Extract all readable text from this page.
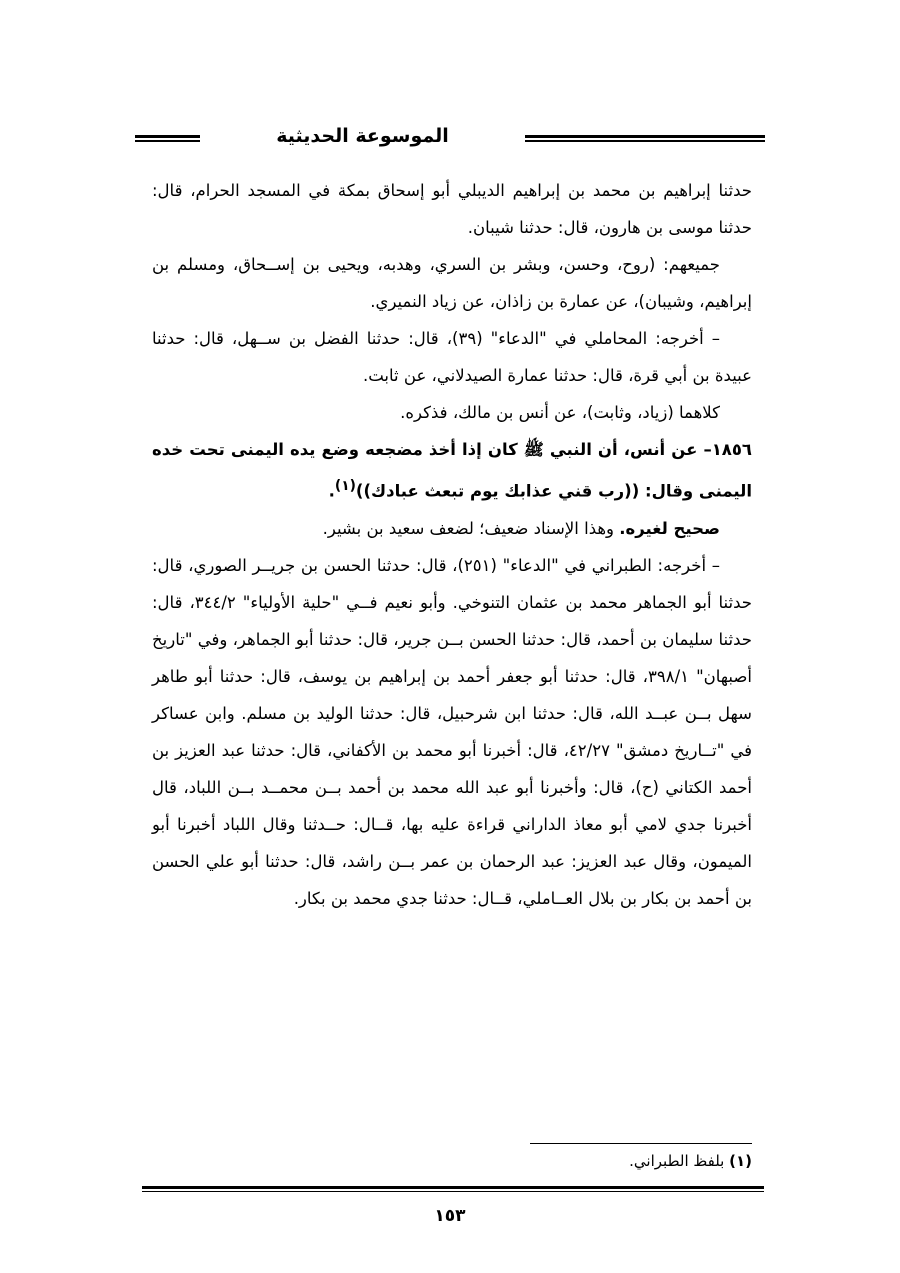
الموسوعة الحديثية

حدثنا إبراهيم بن محمد بن إبراهيم الديبلي أبو إسحاق بمكة في المسجد الحرام، قال: حدثنا موسى بن هارون، قال: حدثنا شيبان.

جميعهم: (روح، وحسن، وبشر بن السري، وهدبه، ويحيى بن إســحاق، ومسلم بن إبراهيم، وشيبان)، عن عمارة بن زاذان، عن زياد النميري.

– أخرجه: المحاملي في "الدعاء" (٣٩)، قال: حدثنا الفضل بن ســهل، قال: حدثنا عبيدة بن أبي قرة، قال: حدثنا عمارة الصيدلاني، عن ثابت.

كلاهما (زياد، وثابت)، عن أنس بن مالك، فذكره.

١٨٥٦– عن أنس، أن النبي ﷺ كان إذا أخذ مضجعه وضع يده اليمنى تحت خده اليمنى وقال: ((رب قني عذابك يوم تبعث عبادك))$^{(١)}$.

صحيح لغيره. وهذا الإسناد ضعيف؛ لضعف سعيد بن بشير.

– أخرجه: الطبراني في "الدعاء" (٢٥١)، قال: حدثنا الحسن بن جريــر الصوري، قال: حدثنا أبو الجماهر محمد بن عثمان التنوخي. وأبو نعيم فــي "حلية الأولياء" ٣٤٤/٢، قال: حدثنا سليمان بن أحمد، قال: حدثنا الحسن بــن جرير، قال: حدثنا أبو الجماهر، وفي "تاريخ أصبهان" ٣٩٨/١، قال: حدثنا أبو جعفر أحمد بن إبراهيم بن يوسف، قال: حدثنا أبو طاهر سهل بــن عبــد الله، قال: حدثنا ابن شرحبيل، قال: حدثنا الوليد بن مسلم. وابن عساكر في "تــاريخ دمشق" ٤٢/٢٧، قال: أخبرنا أبو محمد بن الأكفاني، قال: حدثنا عبد العزيز بن أحمد الكتاني (ح)، قال: وأخبرنا أبو عبد الله محمد بن أحمد بــن محمــد بــن اللباد، قال أخبرنا جدي لامي أبو معاذ الداراني قراءة عليه بها، قــال: حــدثنا وقال اللباد أخبرنا أبو الميمون، وقال عبد العزيز: عبد الرحمان بن عمر بــن راشد، قال: حدثنا أبو علي الحسن بن أحمد بن بكار بن بلال العــاملي، قــال: حدثنا جدي محمد بن بكار.

(١) بلفظ الطبراني.
١٥٣
